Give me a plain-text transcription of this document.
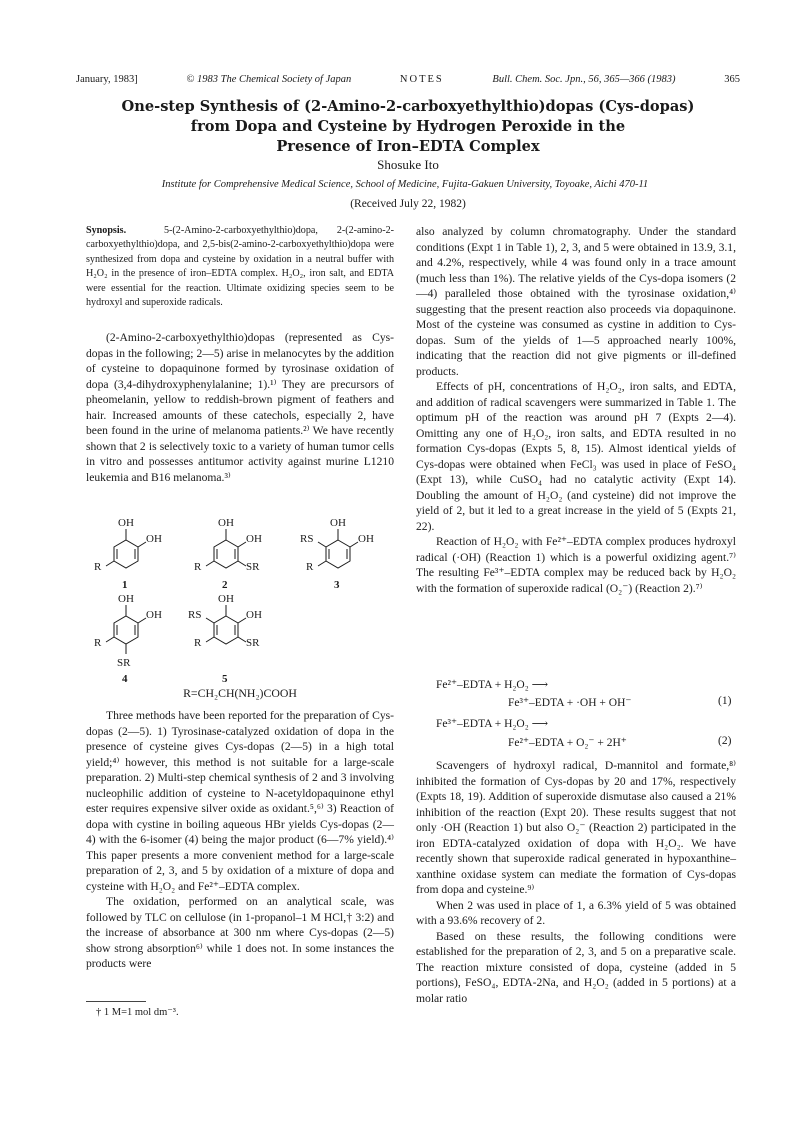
January, 1983]	© 1983 The Chemical Society of Japan	NOTES	Bull. Chem. Soc. Jpn., 56, 365—366 (1983)	365
One-step Synthesis of (2-Amino-2-carboxyethylthio)dopas (Cys-dopas)
from Dopa and Cysteine by Hydrogen Peroxide in the
Presence of Iron–EDTA Complex
Shosuke Ito
Institute for Comprehensive Medical Science, School of Medicine, Fujita-Gakuen University, Toyoake, Aichi 470-11
(Received July 22, 1982)
Synopsis.	5-(2-Amino-2-carboxyethylthio)dopa, 2-(2-amino-2-carboxyethylthio)dopa, and 2,5-bis(2-amino-2-carboxyethylthio)dopa were synthesized from dopa and cysteine by oxidation in a neutral buffer with H₂O₂ in the presence of iron–EDTA complex. H₂O₂, iron salt, and EDTA were essential for the reaction. Ultimate oxidizing species seem to be hydroxyl and superoxide radicals.

(2-Amino-2-carboxyethylthio)dopas (represented as Cys-dopas in the following; 2—5) arise in melanocytes by the addition of cysteine to dopaquinone formed by tyrosinase oxidation of dopa (3,4-dihydroxyphenylalanine; 1).¹⁾ They are precursors of pheomelanin, yellow to reddish-brown pigment of feathers and hair. Increased amounts of these catechols, especially 2, have been found in the urine of melanoma patients.²⁾ We have recently shown that 2 is selectively toxic to a variety of human tumor cells in vitro and possesses antitumor activity against murine L1210 leukemia and B16 melanoma.³⁾

OH
OH
R
1
OH
OH
R	SR
2
OH
OH
RS
R
3
OH
OH
R
SR
4
OH
OH
RS
R	SR
5
R=CH₂CH(NH₂)COOH

Three methods have been reported for the preparation of Cys-dopas (2—5). 1) Tyrosinase-catalyzed oxidation of dopa in the presence of cysteine gives Cys-dopas (2—5) in a high total yield;⁴⁾ however, this method is not suitable for a large-scale preparation. 2) Multi-step chemical synthesis of 2 and 3 involving nucleophilic addition of cysteine to N-acetyldopaquinone ethyl ester requires expensive silver oxide as oxidant.⁵,⁶⁾ 3) Reaction of dopa with cystine in boiling aqueous HBr yields Cys-dopas (2—4) with the 6-isomer (4) being the major product (6—7% yield).⁴⁾ This paper presents a more convenient method for a large-scale preparation of 2, 3, and 5 by oxidation of a mixture of dopa and cysteine with H₂O₂ and Fe²⁺–EDTA complex.

The oxidation, performed on an analytical scale, was followed by TLC on cellulose (in 1-propanol–1 M HCl,† 3:2) and the increase of absorbance at 300 nm where Cys-dopas (2—5) show strong absorption⁶⁾ while 1 does not. In some instances the products were

† 1 M=1 mol dm⁻³.

also analyzed by column chromatography. Under the standard conditions (Expt 1 in Table 1), 2, 3, and 5 were obtained in 13.9, 3.1, and 4.2%, respectively, while 4 was found only in a trace amount (much less than 1%). The relative yields of the Cys-dopa isomers (2—4) paralleled those obtained with the tyrosinase oxidation,⁴⁾ suggesting that the present reaction also proceeds via dopaquinone. Most of the cysteine was consumed as cystine in addition to Cys-dopas. Sum of the yields of 1—5 approached nearly 100%, indicating that the reaction did not give pigments or ill-defined products.

Effects of pH, concentrations of H₂O₂, iron salts, and EDTA, and addition of radical scavengers were summarized in Table 1. The optimum pH of the reaction was around pH 7 (Expts 2—4). Omitting any one of H₂O₂, iron salts, and EDTA resulted in no formation Cys-dopas (Expts 5, 8, 15). Almost identical yields of Cys-dopas were obtained when FeCl₃ was used in place of FeSO₄ (Expt 13), while CuSO₄ had no catalytic activity (Expt 14). Doubling the amount of H₂O₂ (and cysteine) did not improve the yield of 2, but it led to a great increase in the yield of 5 (Expts 21, 22).

Reaction of H₂O₂ with Fe²⁺–EDTA complex produces hydroxyl radical (·OH) (Reaction 1) which is a powerful oxidizing agent.⁷⁾ The resulting Fe³⁺–EDTA complex may be reduced back by H₂O₂ with the formation of superoxide radical (O₂⁻) (Reaction 2).⁷⁾

Fe²⁺–EDTA + H₂O₂ ⟶
Fe³⁺–EDTA + ·OH + OH⁻	(1)
Fe³⁺–EDTA + H₂O₂ ⟶
Fe²⁺–EDTA + O₂⁻ + 2H⁺	(2)

Scavengers of hydroxyl radical, D-mannitol and formate,⁸⁾ inhibited the formation of Cys-dopas by 20 and 17%, respectively (Expts 18, 19). Addition of superoxide dismutase also caused a 21% inhibition of the reaction (Expt 20). These results suggest that not only ·OH (Reaction 1) but also O₂⁻ (Reaction 2) participated in the iron EDTA-catalyzed oxidation of dopa with H₂O₂. We have recently shown that superoxide radical generated in hypoxanthine–xanthine oxidase system can mediate the formation of Cys-dopas from dopa and cysteine.⁹⁾

When 2 was used in place of 1, a 6.3% yield of 5 was obtained with a 93.6% recovery of 2.

Based on these results, the following conditions were established for the preparation of 2, 3, and 5 on a preparative scale. The reaction mixture consisted of dopa, cysteine (added in 5 portions), FeSO₄, EDTA-2Na, and H₂O₂ (added in 5 portions) at a molar ratio
